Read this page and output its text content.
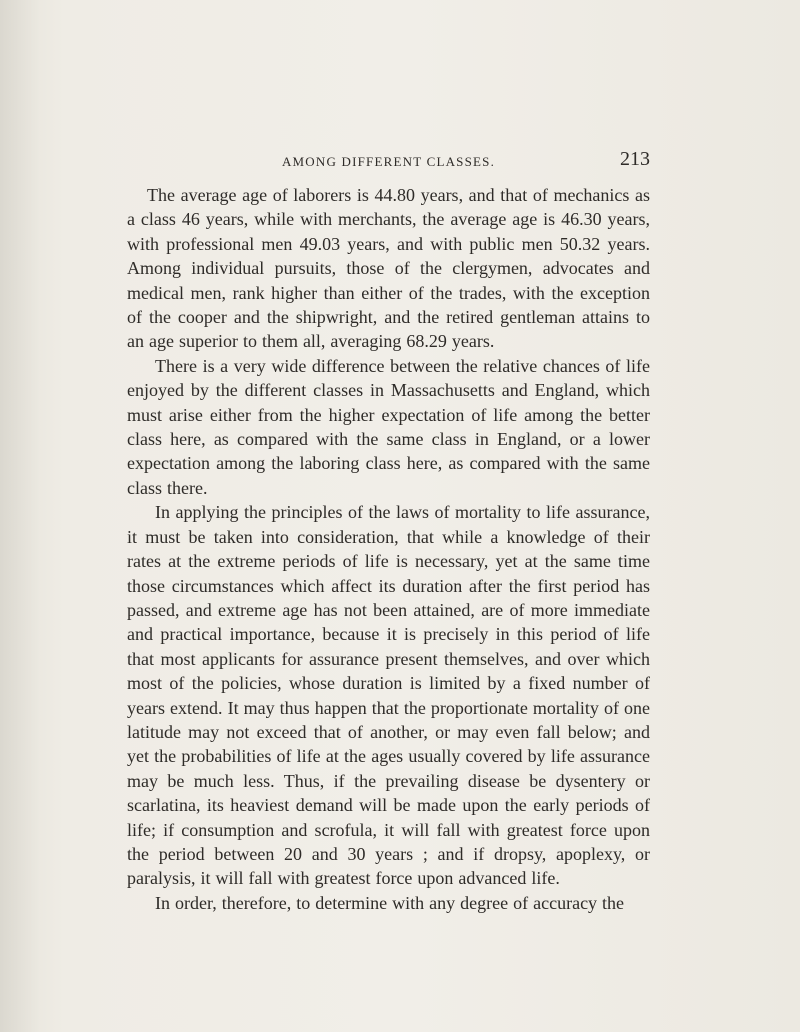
AMONG DIFFERENT CLASSES.	213

The average age of laborers is 44.80 years, and that of mechanics as a class 46 years, while with merchants, the average age is 46.30 years, with professional men 49.03 years, and with public men 50.32 years. Among individual pursuits, those of the clergymen, advocates and medical men, rank higher than either of the trades, with the exception of the cooper and the shipwright, and the retired gentleman attains to an age superior to them all, averaging 68.29 years.

There is a very wide difference between the relative chances of life enjoyed by the different classes in Massachusetts and England, which must arise either from the higher expectation of life among the better class here, as compared with the same class in England, or a lower expectation among the laboring class here, as compared with the same class there.

In applying the principles of the laws of mortality to life assurance, it must be taken into consideration, that while a knowledge of their rates at the extreme periods of life is necessary, yet at the same time those circumstances which affect its duration after the first period has passed, and extreme age has not been attained, are of more immediate and practical importance, because it is precisely in this period of life that most applicants for assurance present themselves, and over which most of the policies, whose duration is limited by a fixed number of years extend. It may thus happen that the proportionate mortality of one latitude may not exceed that of another, or may even fall below; and yet the probabilities of life at the ages usually covered by life assurance may be much less. Thus, if the prevailing disease be dysentery or scarlatina, its heaviest demand will be made upon the early periods of life; if consumption and scrofula, it will fall with greatest force upon the period between 20 and 30 years ; and if dropsy, apoplexy, or paralysis, it will fall with greatest force upon advanced life.

In order, therefore, to determine with any degree of accuracy the
